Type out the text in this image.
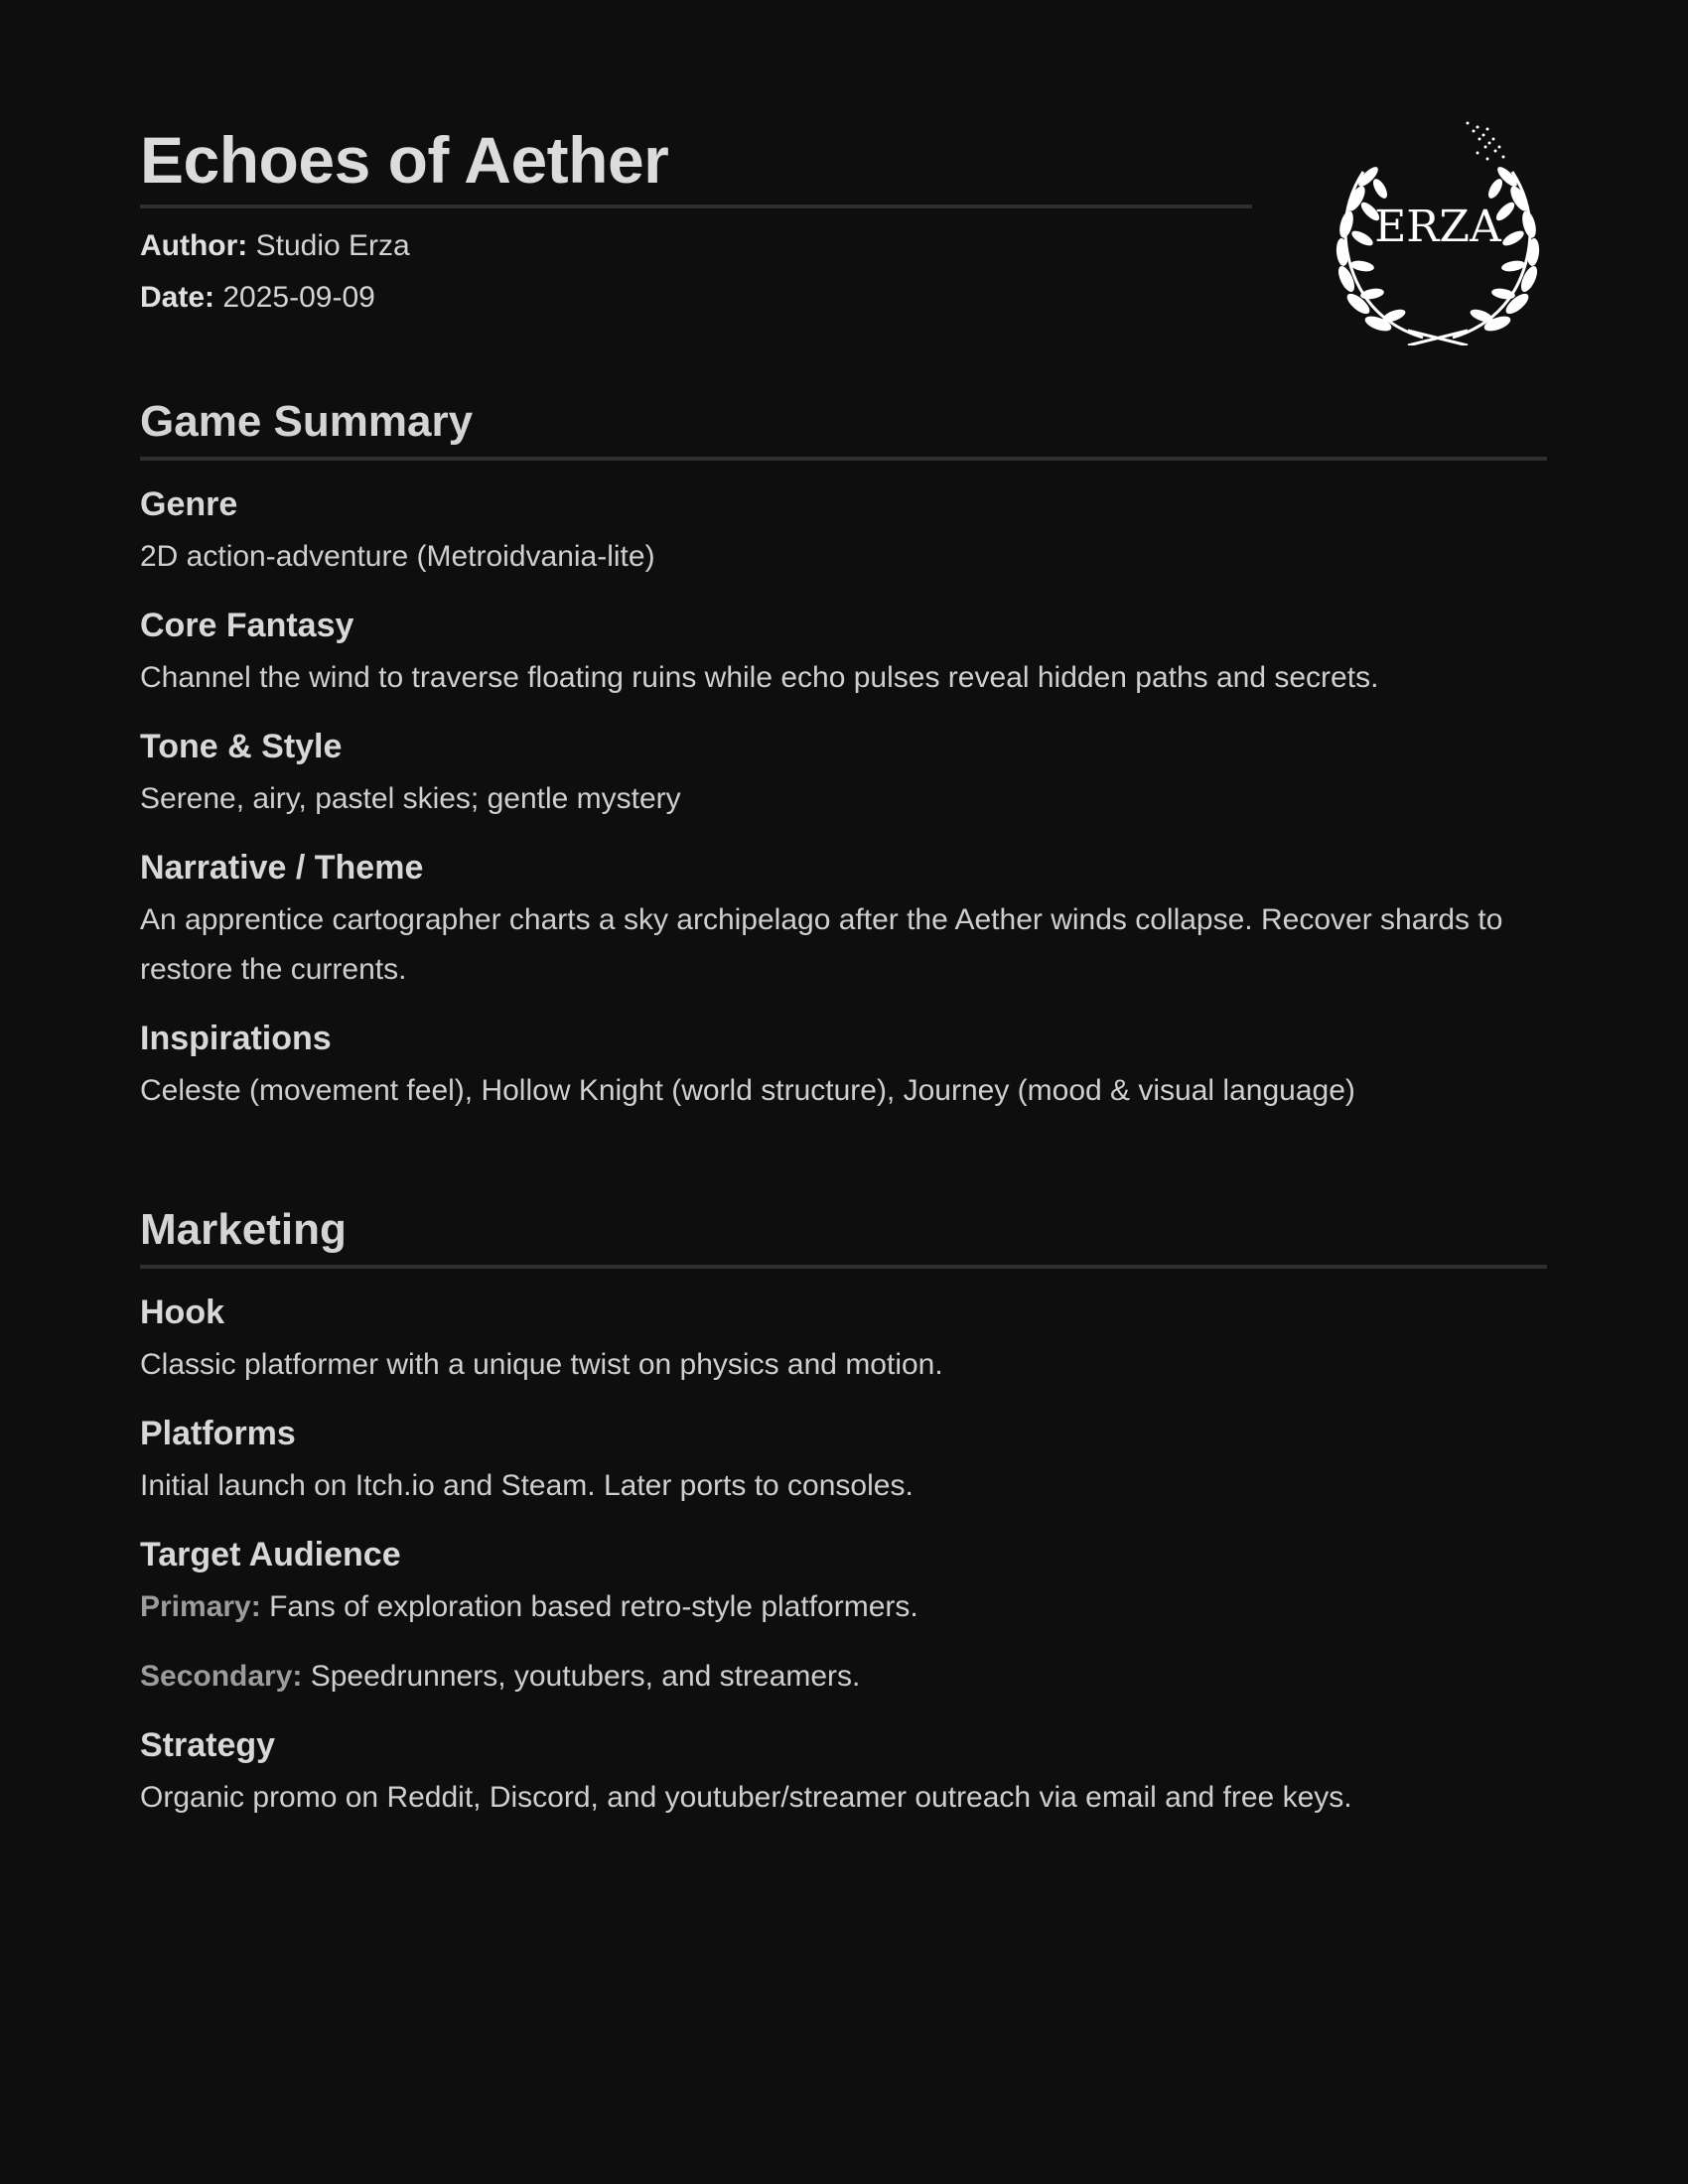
Echoes of Aether
Author: Studio Erza
Date: 2025-09-09
ERZA
Game Summary
Genre
2D action-adventure (Metroidvania-lite)
Core Fantasy
Channel the wind to traverse floating ruins while echo pulses reveal hidden paths and secrets.
Tone & Style
Serene, airy, pastel skies; gentle mystery
Narrative / Theme
An apprentice cartographer charts a sky archipelago after the Aether winds collapse. Recover shards to restore the currents.
Inspirations
Celeste (movement feel), Hollow Knight (world structure), Journey (mood & visual language)
Marketing
Hook
Classic platformer with a unique twist on physics and motion.
Platforms
Initial launch on Itch.io and Steam. Later ports to consoles.
Target Audience
Primary: Fans of exploration based retro-style platformers.
Secondary: Speedrunners, youtubers, and streamers.
Strategy
Organic promo on Reddit, Discord, and youtuber/streamer outreach via email and free keys.
